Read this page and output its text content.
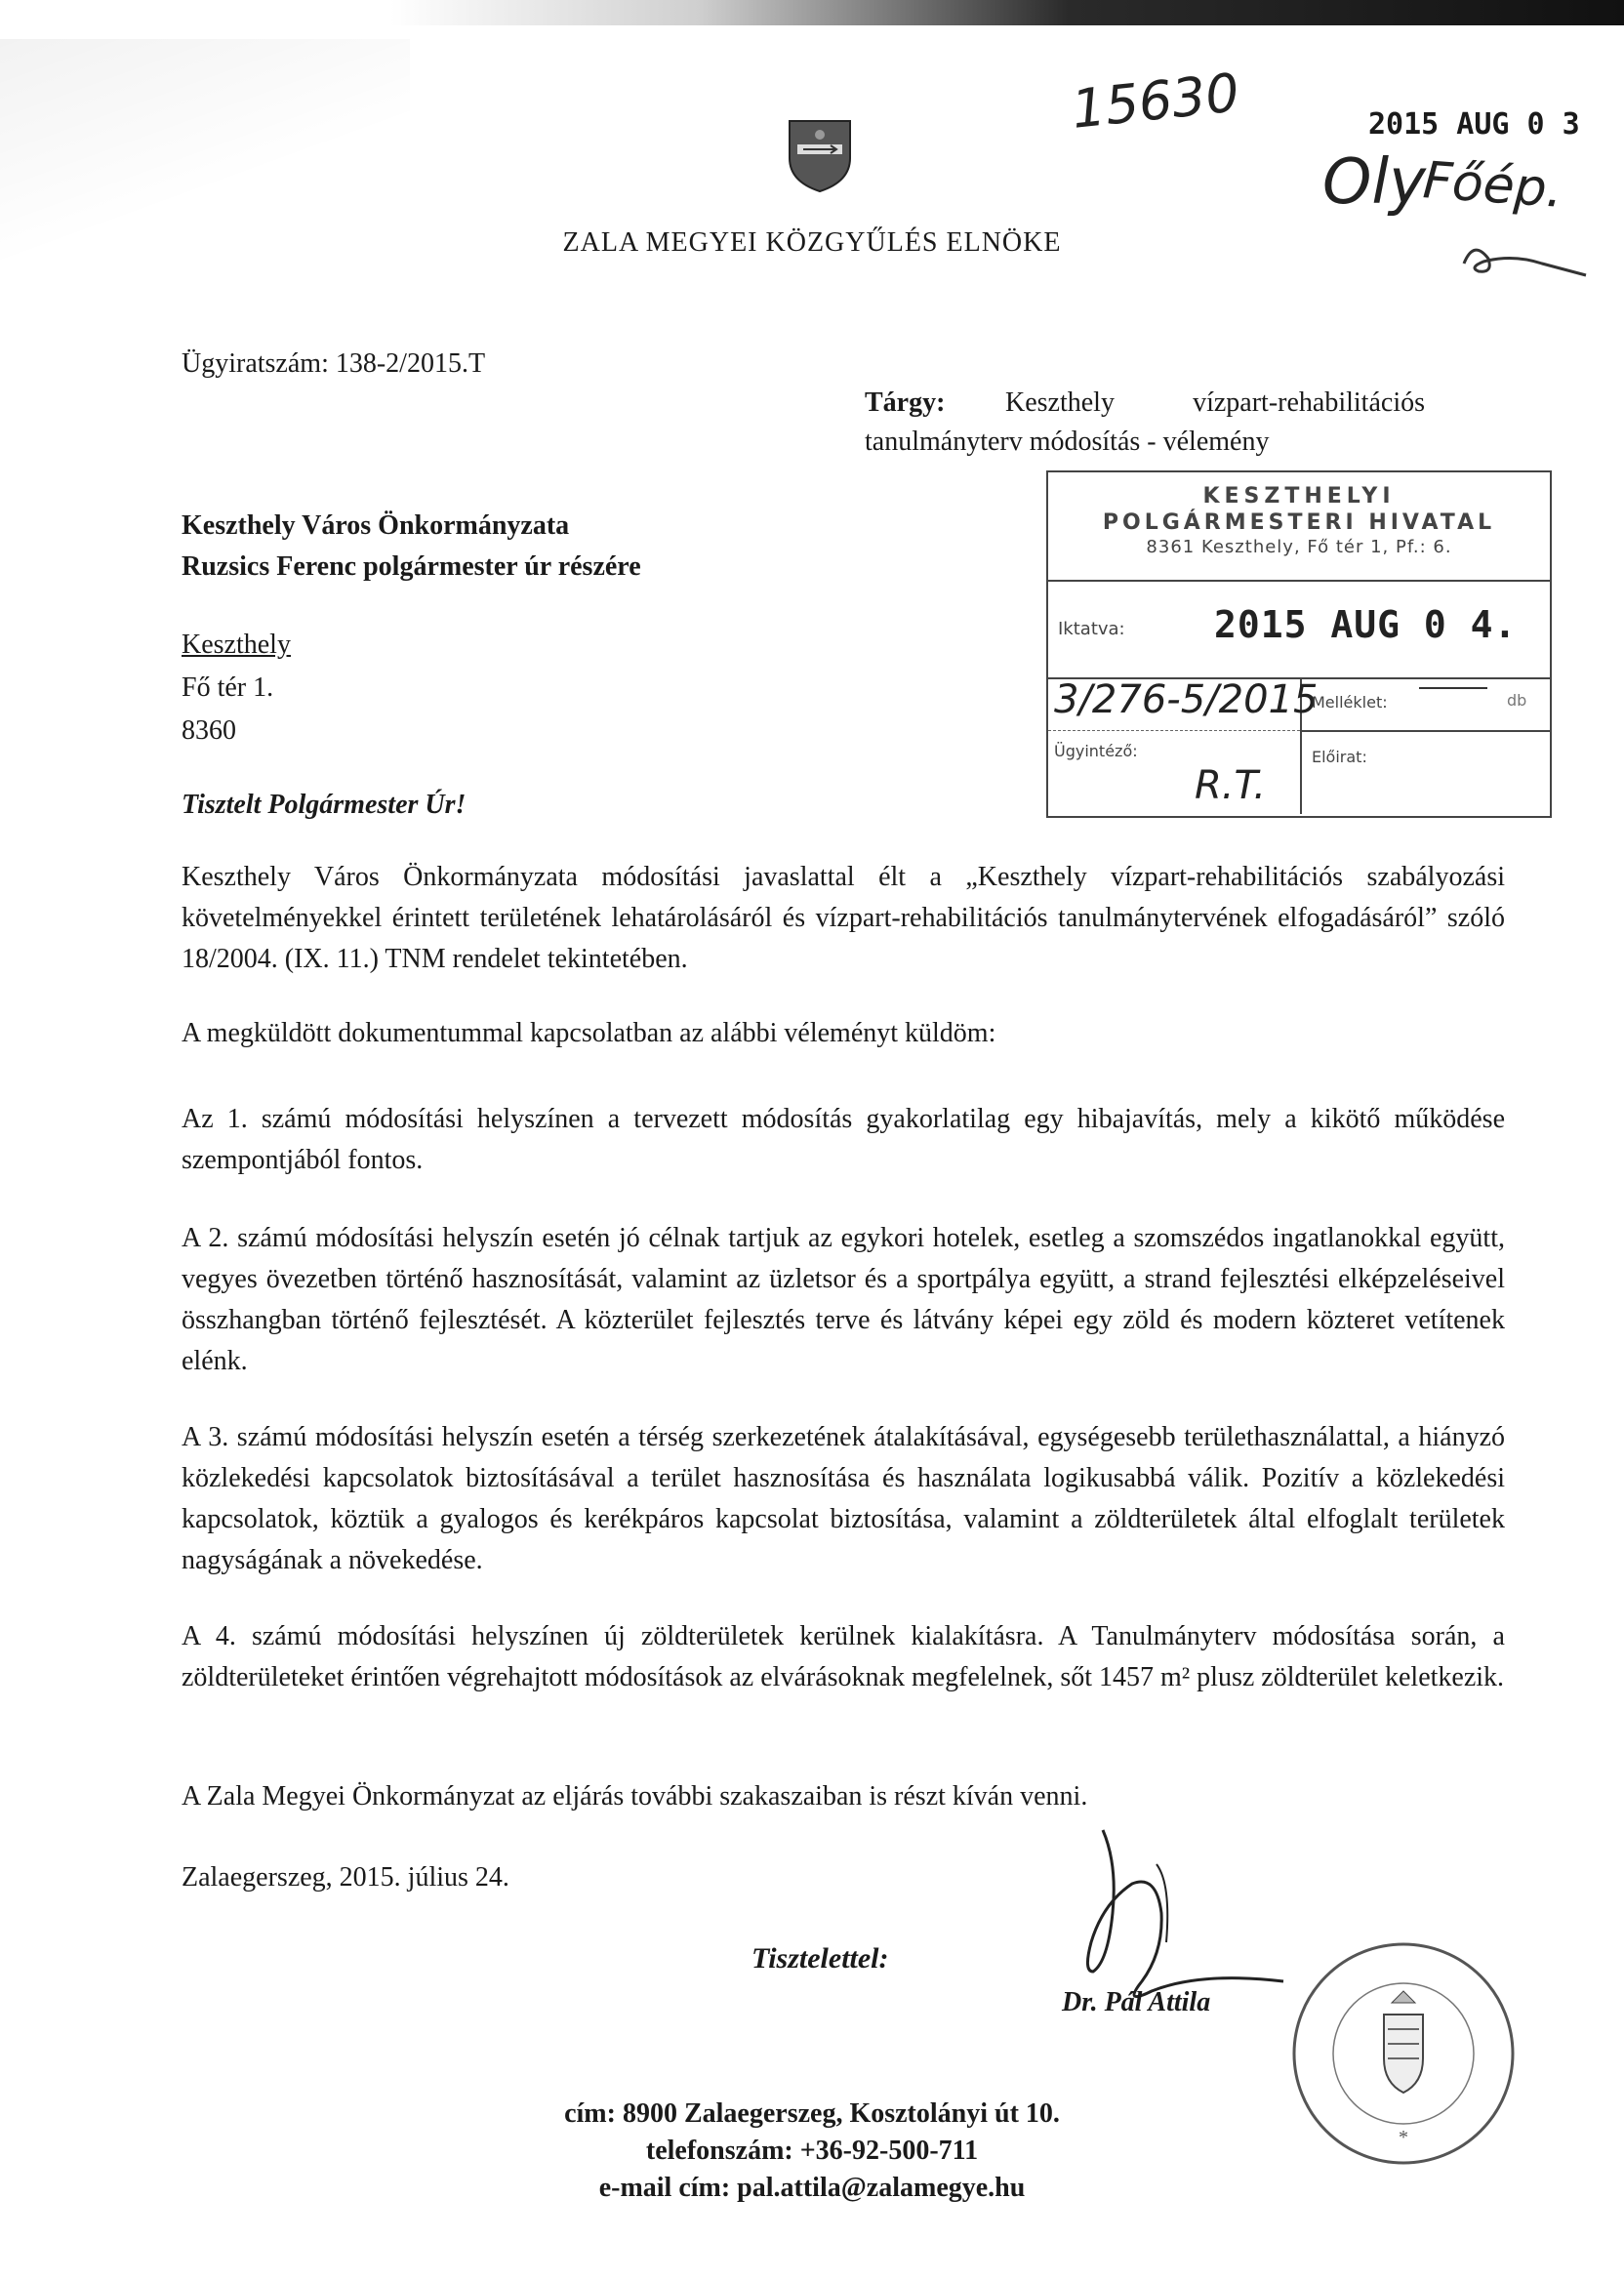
ZALA MEGYEI KÖZGYŰLÉS ELNÖKE
15630	2015 AUG 0 3
Oly
Főép.
Ügyiratszám: 138-2/2015.T
Tárgy: Keszthely vízpart-rehabilitációs
tanulmányterv módosítás - vélemény
Keszthely Város Önkormányzata
Ruzsics Ferenc polgármester úr részére
Keszthely
Fő tér 1.
8360
KESZTHELYI
POLGÁRMESTERI HIVATAL
8361 Keszthely, Fő tér 1, Pf.: 6.
Iktatva: 2015 AUG 0 4.
3/276-5/2015
Melléklet:	db
Ügyintéző:
R.T.
Előirat:
Tisztelt Polgármester Úr!
Keszthely Város Önkormányzata módosítási javaslattal élt a „Keszthely vízpart-rehabilitációs szabályozási követelményekkel érintett területének lehatárolásáról és vízpart-rehabilitációs tanulmánytervének elfogadásáról” szóló 18/2004. (IX. 11.) TNM rendelet tekintetében.
A megküldött dokumentummal kapcsolatban az alábbi véleményt küldöm:
Az 1. számú módosítási helyszínen a tervezett módosítás gyakorlatilag egy hibajavítás, mely a kikötő működése szempontjából fontos.
A 2. számú módosítási helyszín esetén jó célnak tartjuk az egykori hotelek, esetleg a szomszédos ingatlanokkal együtt, vegyes övezetben történő hasznosítását, valamint az üzletsor és a sportpálya együtt, a strand fejlesztési elképzeléseivel összhangban történő fejlesztését. A közterület fejlesztés terve és látvány képei egy zöld és modern közteret vetítenek elénk.
A 3. számú módosítási helyszín esetén a térség szerkezetének átalakításával, egységesebb területhasználattal, a hiányzó közlekedési kapcsolatok biztosításával a terület hasznosítása és használata logikusabbá válik. Pozitív a közlekedési kapcsolatok, köztük a gyalogos és kerékpáros kapcsolat biztosítása, valamint a zöldterületek által elfoglalt területek nagyságának a növekedése.
A 4. számú módosítási helyszínen új zöldterületek kerülnek kialakításra. A Tanulmányterv módosítása során, a zöldterületeket érintően végrehajtott módosítások az elvárásoknak megfelelnek, sőt 1457 m² plusz zöldterület keletkezik.
A Zala Megyei Önkormányzat az eljárás további szakaszaiban is részt kíván venni.
Zalaegerszeg, 2015. július 24.
Tisztelettel:
Dr. Pál Attila
*
cím: 8900 Zalaegerszeg, Kosztolányi út 10.
telefonszám: +36-92-500-711
e-mail cím: pal.attila@zalamegye.hu
